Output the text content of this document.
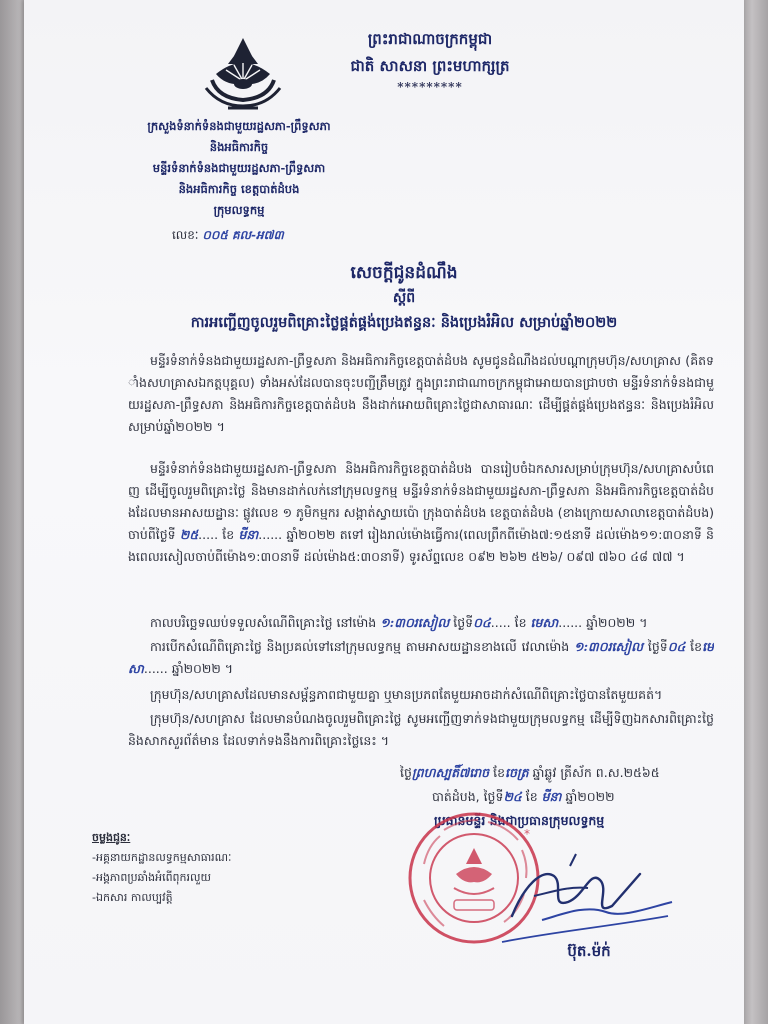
ព្រះរាជាណាចក្រកម្ពុជា
ជាតិ សាសនា ព្រះមហាក្សត្រ
*********
ក្រសួងទំនាក់ទំនងជាមួយរដ្ឋសភា-ព្រឹទ្ធសភា
និងអធិការកិច្ច
មន្ទីរទំនាក់ទំនងជាមួយរដ្ឋសភា-ព្រឹទ្ធសភា
និងអធិការកិច្ច ខេត្តបាត់ដំបង
ក្រុមលទ្ធកម្ម
លេខៈ ០០៥ គល-អ៧៣
សេចក្តីជូនដំណឹង
ស្តីពី
ការអញ្ជើញចូលរួមពិគ្រោះថ្លៃផ្គត់ផ្គង់ប្រេងឥន្ធនៈ និងប្រេងរំអិល សម្រាប់ឆ្នាំ២០២២
មន្ទីរទំនាក់ទំនងជាមួយរដ្ឋសភា-ព្រឹទ្ធសភា និងអធិការកិច្ចខេត្តបាត់ដំបង សូមជូនដំណឹងដល់បណ្តាក្រុមហ៊ុន/សហគ្រាស (គិតទាំងសហគ្រាសឯកត្តបុគ្គល) ទាំងអស់ដែលបានចុះបញ្ជីត្រឹមត្រូវ ក្នុងព្រះរាជាណាចក្រកម្ពុជាអោយបានជ្រាបថា មន្ទីរទំនាក់ទំនងជាមួយរដ្ឋសភា-ព្រឹទ្ធសភា និងអធិការកិច្ចខេត្តបាត់ដំបង នឹងដាក់អោយពិគ្រោះថ្លៃជាសាធារណៈ ដើម្បីផ្គត់ផ្គង់ប្រេងឥន្ធនៈ និងប្រេងរំអិល សម្រាប់ឆ្នាំ២០២២ ។
មន្ទីរទំនាក់ទំនងជាមួយរដ្ឋសភា-ព្រឹទ្ធសភា និងអធិការកិច្ចខេត្តបាត់ដំបង បានរៀបចំឯកសារសម្រាប់ក្រុមហ៊ុន/សហគ្រាសបំពេញ ដើម្បីចូលរួមពិគ្រោះថ្លៃ និងមានដាក់លក់នៅក្រុមលទ្ធកម្ម មន្ទីរទំនាក់ទំនងជាមួយរដ្ឋសភា-ព្រឹទ្ធសភា និងអធិការកិច្ចខេត្តបាត់ដំបងដែលមានអាសយដ្ឋានៈ ផ្លូវលេខ ១ ភូមិកម្មករ សង្កាត់ស្វាយប៉ោ ក្រុងបាត់ដំបង ខេត្តបាត់ដំបង (ខាងក្រោយសាលាខេត្តបាត់ដំបង) ចាប់ពីថ្ងៃទី ២៥..... ខែ មីនា...... ឆ្នាំ២០២២ តទៅ រៀងរាល់ម៉ោងធ្វើការ(ពេលព្រឹកពីម៉ោង៧:១៥នាទី ដល់ម៉ោង១១:៣០នាទី និងពេលរសៀលចាប់ពីម៉ោង១:៣០នាទី ដល់ម៉ោង៥:៣០នាទី) ទូរស័ព្ទលេខ ០៩២ ២៦២ ៥២៦/ ០៩៧ ៧៦០ ៤៨ ៧៧ ។
កាលបរិច្ឆេទឈប់ទទួលសំណើពិគ្រោះថ្លៃ នៅម៉ោង ១:៣០រសៀល ថ្ងៃទី០៤..... ខែ មេសា...... ឆ្នាំ២០២២ ។
ការបើកសំណើពិគ្រោះថ្លៃ និងប្រគល់ទៅនៅក្រុមលទ្ធកម្ម តាមអាសយដ្ឋានខាងលើ វេលាម៉ោង ១:៣០រសៀល ថ្ងៃទី០៤ ខែមេសា...... ឆ្នាំ២០២២ ។
ក្រុមហ៊ុន/សហគ្រាសដែលមានសម្ព័ន្ធភាពជាមួយគ្នា ឬមានប្រភពតែមួយអាចដាក់សំណើពិគ្រោះថ្លៃបានតែមួយគត់។
ក្រុមហ៊ុន/សហគ្រាស ដែលមានបំណងចូលរួមពិគ្រោះថ្លៃ សូមអញ្ជើញទាក់ទងជាមួយក្រុមលទ្ធកម្ម ដើម្បីទិញឯកសារពិគ្រោះថ្លៃ និងសាកសួរព័ត៌មាន ដែលទាក់ទងនឹងការពិគ្រោះថ្លៃនេះ ។
ថ្ងៃព្រហស្បតិ៍៧រោច ខែចេត្រ ឆ្នាំឆ្លូវ ត្រីស័ក ព.ស.២៥៦៥
បាត់ដំបង, ថ្ងៃទី២៤ ខែ មីនា ឆ្នាំ២០២២
ប្រធានមន្ទីរ និងជាប្រធានក្រុមលទ្ធកម្ម
*
ប៊ុត.ម៉ក់
ចម្លងជូនៈ
-អគ្គនាយកដ្ឋានលទ្ធកម្មសាធារណៈ
-អង្គភាពប្រឆាំងអំពើពុករលួយ
-ឯកសារ កាលប្បវត្តិ
